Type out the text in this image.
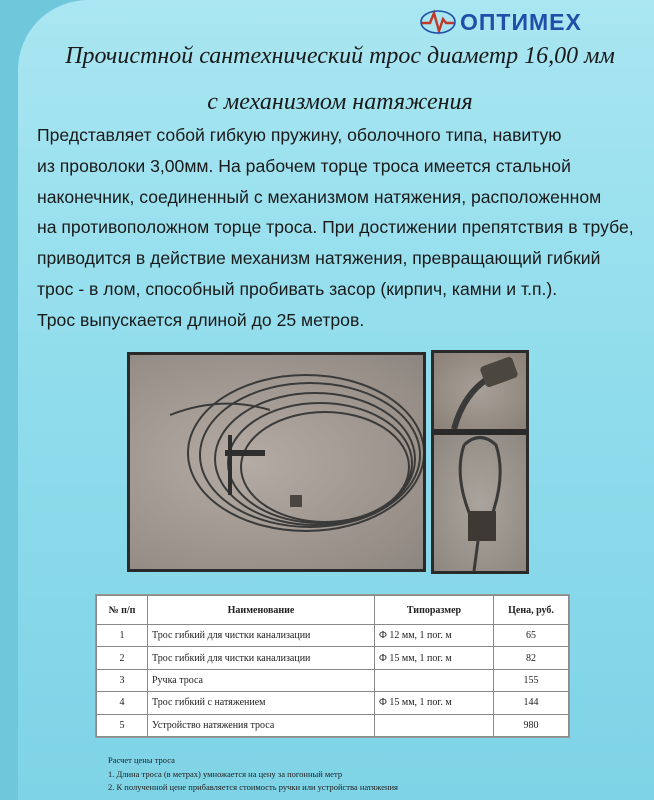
ОПТИМЕХ
Прочистной сантехнический трос диаметр 16,00 мм
с механизмом натяжения
Представляет собой гибкую пружину, оболочного типа, навитую
из проволоки 3,00мм. На рабочем торце троса имеется стальной
наконечник, соединенный с механизмом натяжения, расположенном
на противоположном торце троса. При достижении препятствия в трубе,
приводится в действие механизм натяжения, превращающий гибкий
трос - в лом, способный пробивать засор (кирпич, камни и т.п.).
Трос выпускается длиной до 25 метров.
№ п/п	Наименование	Типоразмер	Цена, руб.
1	Трос гибкий для чистки канализации	Ф 12 мм, 1 пог. м	65
2	Трос гибкий для чистки канализации	Ф 15 мм, 1 пог. м	82
3	Ручка троса		155
4	Трос гибкий с натяжением	Ф 15 мм, 1 пог. м	144
5	Устройство натяжения троса		980
Расчет цены троса
1. Длина троса (в метрах) умножается на цену за погонный метр
2. К полученной цене прибавляется стоимость ручки или устройства натяжения
